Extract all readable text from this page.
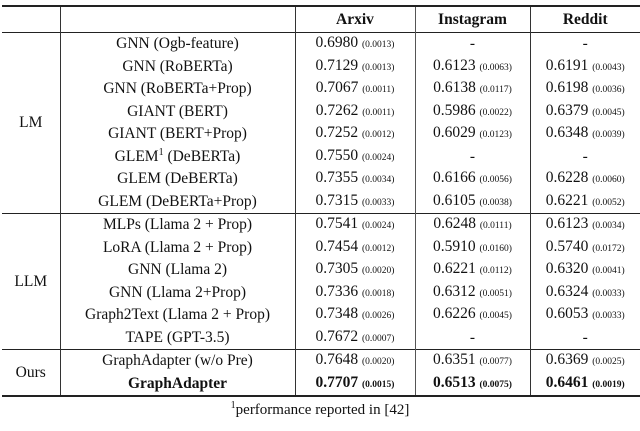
		Arxiv	Instagram	Reddit
LM	GNN (Ogb-feature)	0.6980 (0.0013)	-	-
	GNN (RoBERTa)	0.7129 (0.0013)	0.6123 (0.0063)	0.6191 (0.0043)
	GNN (RoBERTa+Prop)	0.7067 (0.0011)	0.6138 (0.0117)	0.6198 (0.0036)
	GIANT (BERT)	0.7262 (0.0011)	0.5986 (0.0022)	0.6379 (0.0045)
	GIANT (BERT+Prop)	0.7252 (0.0012)	0.6029 (0.0123)	0.6348 (0.0039)
	GLEM$^1$ (DeBERTa)	0.7550 (0.0024)	-	-
	GLEM (DeBERTa)	0.7355 (0.0034)	0.6166 (0.0056)	0.6228 (0.0060)
	GLEM (DeBERTa+Prop)	0.7315 (0.0033)	0.6105 (0.0038)	0.6221 (0.0052)
LLM	MLPs (Llama 2 + Prop)	0.7541 (0.0024)	0.6248 (0.0111)	0.6123 (0.0034)
	LoRA (Llama 2 + Prop)	0.7454 (0.0012)	0.5910 (0.0160)	0.5740 (0.0172)
	GNN (Llama 2)	0.7305 (0.0020)	0.6221 (0.0112)	0.6320 (0.0041)
	GNN (Llama 2+Prop)	0.7336 (0.0018)	0.6312 (0.0051)	0.6324 (0.0033)
	Graph2Text (Llama 2 + Prop)	0.7348 (0.0026)	0.6226 (0.0045)	0.6053 (0.0033)
	TAPE (GPT-3.5)	0.7672 (0.0007)	-	-
Ours	GraphAdapter (w/o Pre)	0.7648 (0.0020)	0.6351 (0.0077)	0.6369 (0.0025)
	GraphAdapter	0.7707 (0.0015)	0.6513 (0.0075)	0.6461 (0.0019)
$^1$performance reported in [42]
